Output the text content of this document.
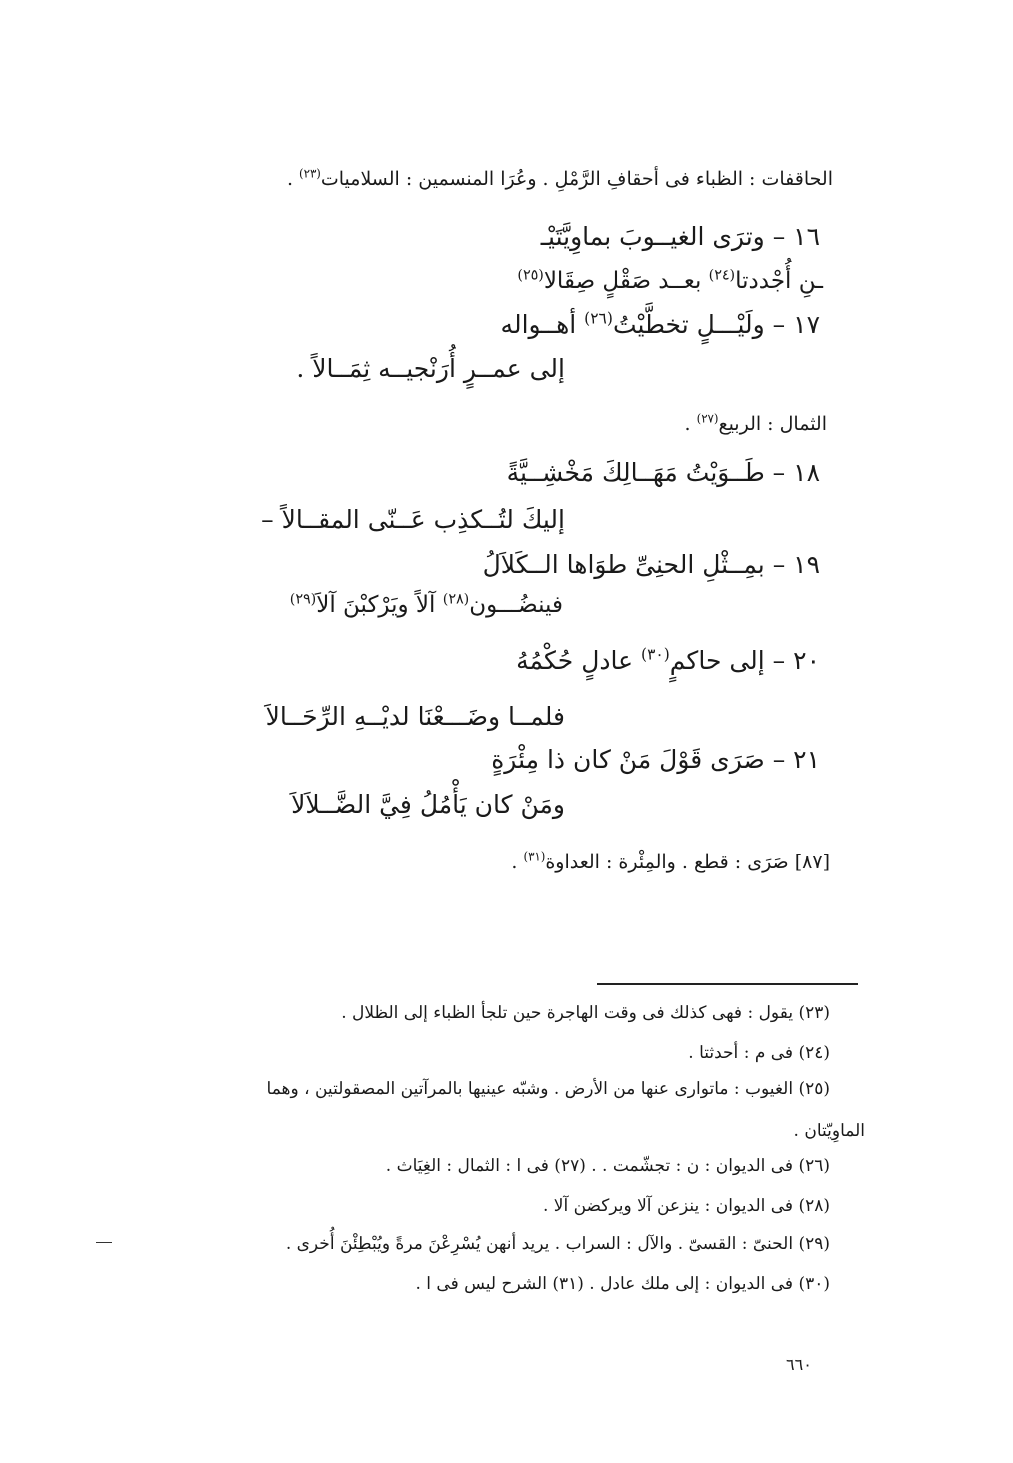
الحاقفات : الظباء فى أحقافِ الرَّمْلِ . وعُرَا المنسمين : السلاميات$^{(٢٣)}$ .
١٦ – وترَى الغيــوبَ بماوِيَّتَيْـ
ـنِ أُجْددتا$^{(٢٤)}$ بعــد صَقْلٍ صِقَالا$^{(٢٥)}$
١٧ – ولَيْـــلٍ تخطَّيْتُ$^{(٢٦)}$ أهــواله
إلى عمــرٍ أُرَنْجيــه ثِمَــالاً .
الثمال : الربيع$^{(٢٧)}$ .
١٨ – طَــوَيْتُ مَهَــالِكَ مَخْشِــيَّةً
إليكَ لتُــكذِب عَــنّى المقــالاً –
١٩ – بمِــثْلِ الحنِىِّ طوَاها الــكَلاَلُ
فينضُـــون$^{(٢٨)}$ آلاً ويَرْكبْنَ آلاَ$^{(٢٩)}$
٢٠ – إلى حاكمٍ$^{(٣٠)}$ عادلٍ حُكْمُهُ
فلمــا وضَـــعْنَا لديْــهِ الرِّحَــالاَ
٢١ – صَرَى قَوْلَ مَنْ كان ذا مِئْرَةٍ
ومَنْ كان يَأْمُلُ فِيَّ الضَّــلاَلاَ
[٨٧] صَرَى : قطع . والمِئْرة : العداوة$^{(٣١)}$ .
(٢٣) يقول : فهى كذلك فى وقت الهاجرة حين تلجأ الظباء إلى الظلال .
(٢٤) فى م : أحدثتا .
(٢٥) الغيوب : ماتوارى عنها من الأرض . وشبّه عينيها بالمرآتين المصقولتين ، وهما
الماوِيّتان .
(٢٦) فى الديوان : ن : تجشّمت . . (٢٧) فى ا : الثمال : الغِيَاث .
(٢٨) فى الديوان : ينزعن آلا ويركضن آلا .
(٢٩) الحنىّ : القسىّ . والآل : السراب . يريد أنهن يُسْرِعْنَ مرةً ويُبْطِئْنَ أُخرى .
(٣٠) فى الديوان : إلى ملك عادل . (٣١) الشرح ليس فى ا .
٦٦٠
